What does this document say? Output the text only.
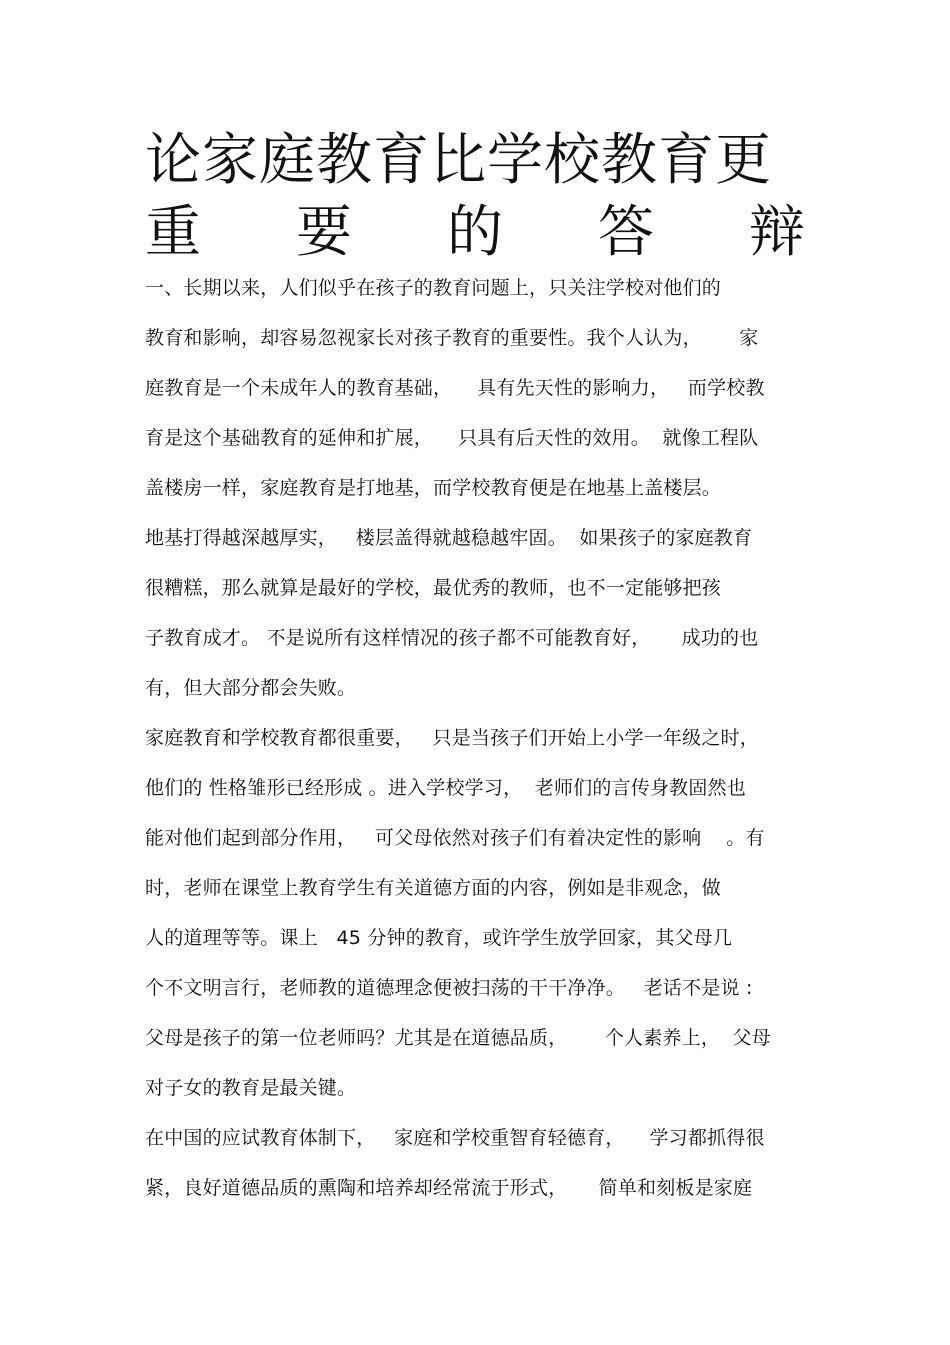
论家庭教育比学校教育更
重 要 的 答 辩
一、长期以来，人们似乎在孩子的教育问题上，只关注学校对他们的
教育和影响，却容易忽视家长对孩子教育的重要性。我个人认为，      家
庭教育是一个未成年人的教育基础，    具有先天性的影响力，   而学校教
育是这个基础教育的延伸和扩展，    只具有后天性的效用。  就像工程队
盖楼房一样，家庭教育是打地基，而学校教育便是在地基上盖楼层。
地基打得越深越厚实，   楼层盖得就越稳越牢固。  如果孩子的家庭教育
很糟糕，那么就算是最好的学校，最优秀的教师，也不一定能够把孩
子教育成才。 不是说所有这样情况的孩子都不可能教育好，     成功的也
有，但大部分都会失败。
家庭教育和学校教育都很重要，   只是当孩子们开始上小学一年级之时，
他们的 性格雏形已经形成 。进入学校学习，  老师们的言传身教固然也
能对他们起到部分作用，   可父母依然对孩子们有着决定性的影响    。有
时，老师在课堂上教育学生有关道德方面的内容，例如是非观念，做
人的道理等等。课上   45 分钟的教育，或许学生放学回家，其父母几
个不文明言行，老师教的道德理念便被扫荡的干干净净。   老话不是说 :
父母是孩子的第一位老师吗？尤其是在道德品质，      个人素养上，  父母
对子女的教育是最关键。
在中国的应试教育体制下，   家庭和学校重智育轻德育，    学习都抓得很
紧，良好道德品质的熏陶和培养却经常流于形式，     简单和刻板是家庭
